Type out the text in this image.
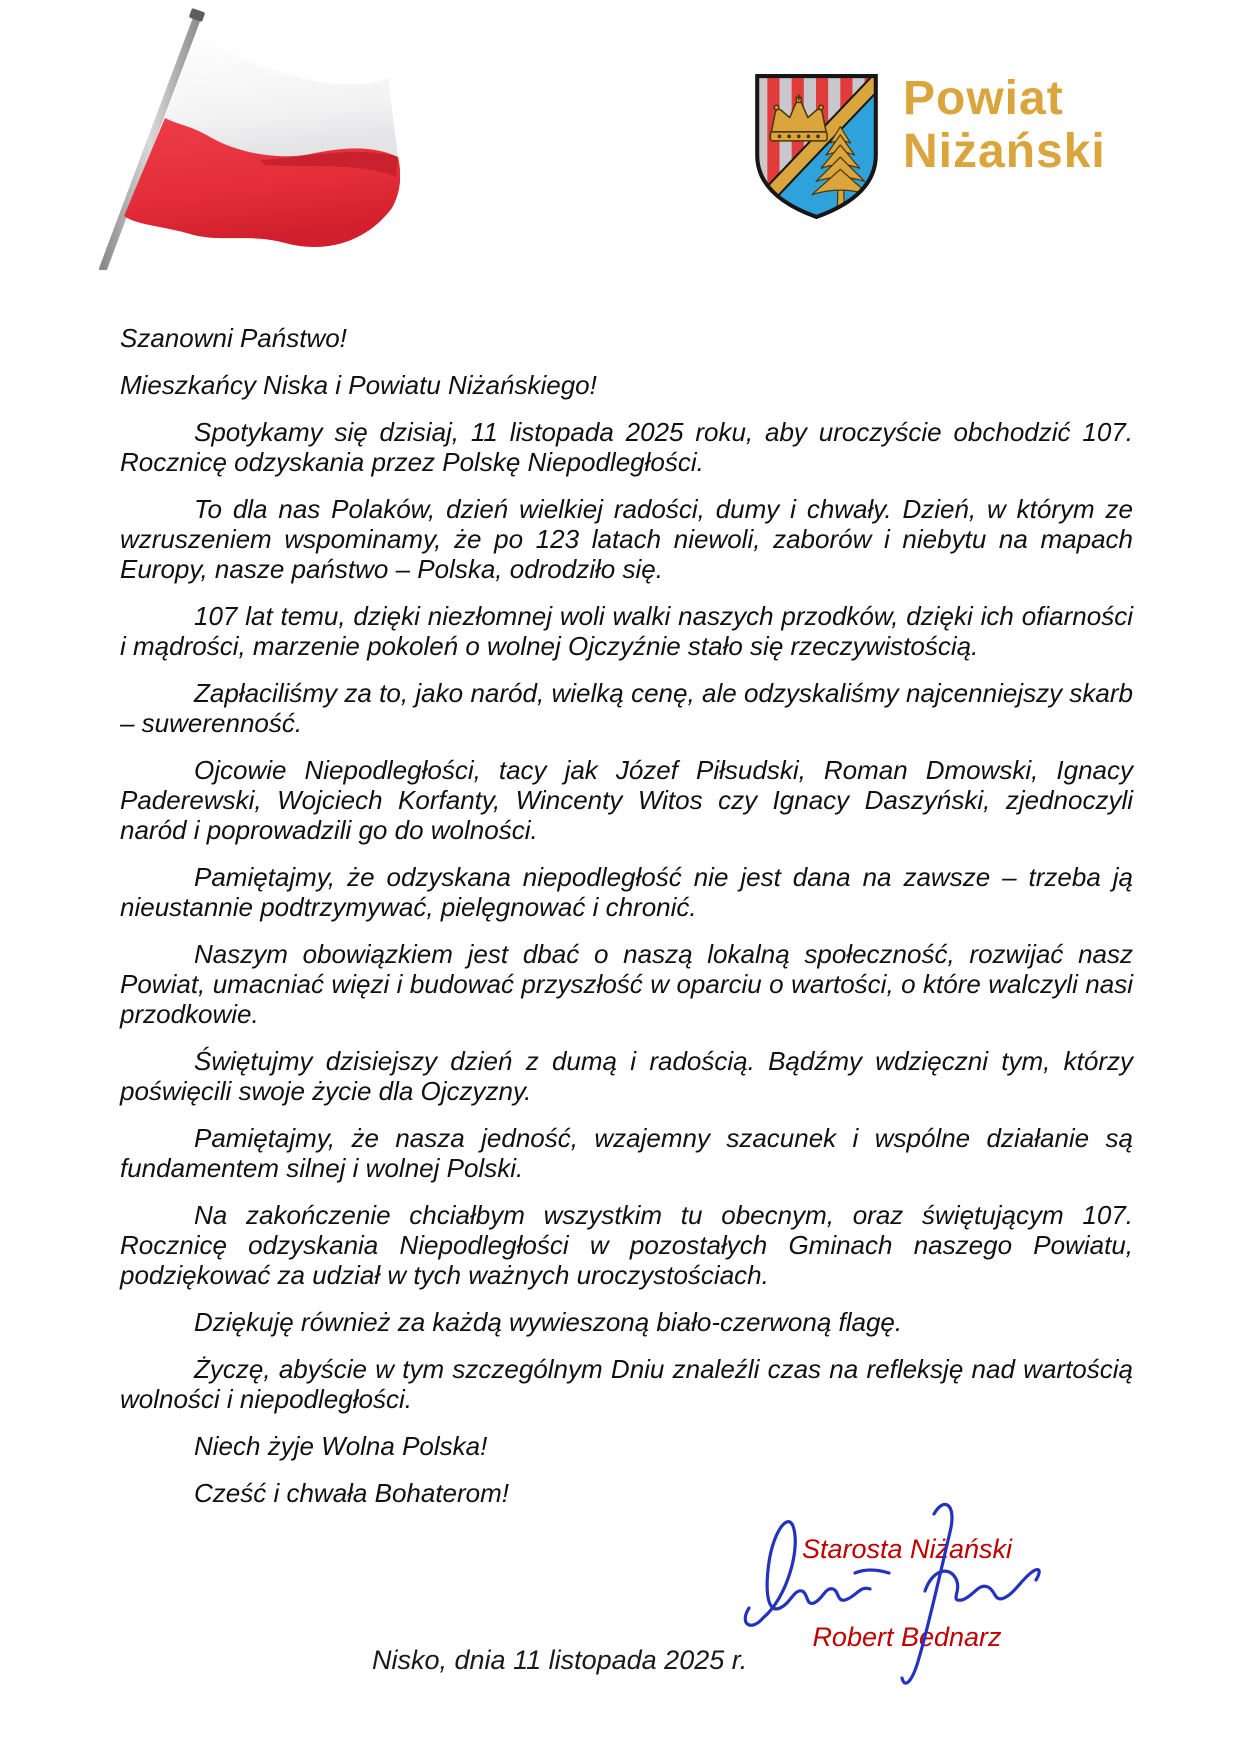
Powiat
Niżański

Szanowni Państwo!

Mieszkańcy Niska i Powiatu Niżańskiego!

Spotykamy się dzisiaj, 11 listopada 2025 roku, aby uroczyście obchodzić 107. Rocznicę odzyskania przez Polskę Niepodległości.

To dla nas Polaków, dzień wielkiej radości, dumy i chwały. Dzień, w którym ze wzruszeniem wspominamy, że po 123 latach niewoli, zaborów i niebytu na mapach Europy, nasze państwo – Polska, odrodziło się.

107 lat temu, dzięki niezłomnej woli walki naszych przodków, dzięki ich ofiarności i mądrości, marzenie pokoleń o wolnej Ojczyźnie stało się rzeczywistością.

Zapłaciliśmy za to, jako naród, wielką cenę, ale odzyskaliśmy najcenniejszy skarb – suwerenność.

Ojcowie Niepodległości, tacy jak Józef Piłsudski, Roman Dmowski, Ignacy Paderewski, Wojciech Korfanty, Wincenty Witos czy Ignacy Daszyński, zjednoczyli naród i poprowadzili go do wolności.

Pamiętajmy, że odzyskana niepodległość nie jest dana na zawsze – trzeba ją nieustannie podtrzymywać, pielęgnować i chronić.

Naszym obowiązkiem jest dbać o naszą lokalną społeczność, rozwijać nasz Powiat, umacniać więzi i budować przyszłość w oparciu o wartości, o które walczyli nasi przodkowie.

Świętujmy dzisiejszy dzień z dumą i radością. Bądźmy wdzięczni tym, którzy poświęcili swoje życie dla Ojczyzny.

Pamiętajmy, że nasza jedność, wzajemny szacunek i wspólne działanie są fundamentem silnej i wolnej Polski.

Na zakończenie chciałbym wszystkim tu obecnym, oraz świętującym 107. Rocznicę odzyskania Niepodległości w pozostałych Gminach naszego Powiatu, podziękować za udział w tych ważnych uroczystościach.

Dziękuję również za każdą wywieszoną biało-czerwoną flagę.

Życzę, abyście w tym szczególnym Dniu znaleźli czas na refleksję nad wartością wolności i niepodległości.

Niech żyje Wolna Polska!

Cześć i chwała Bohaterom!

Starosta Niżański
Robert Bednarz
Nisko, dnia 11 listopada 2025 r.
